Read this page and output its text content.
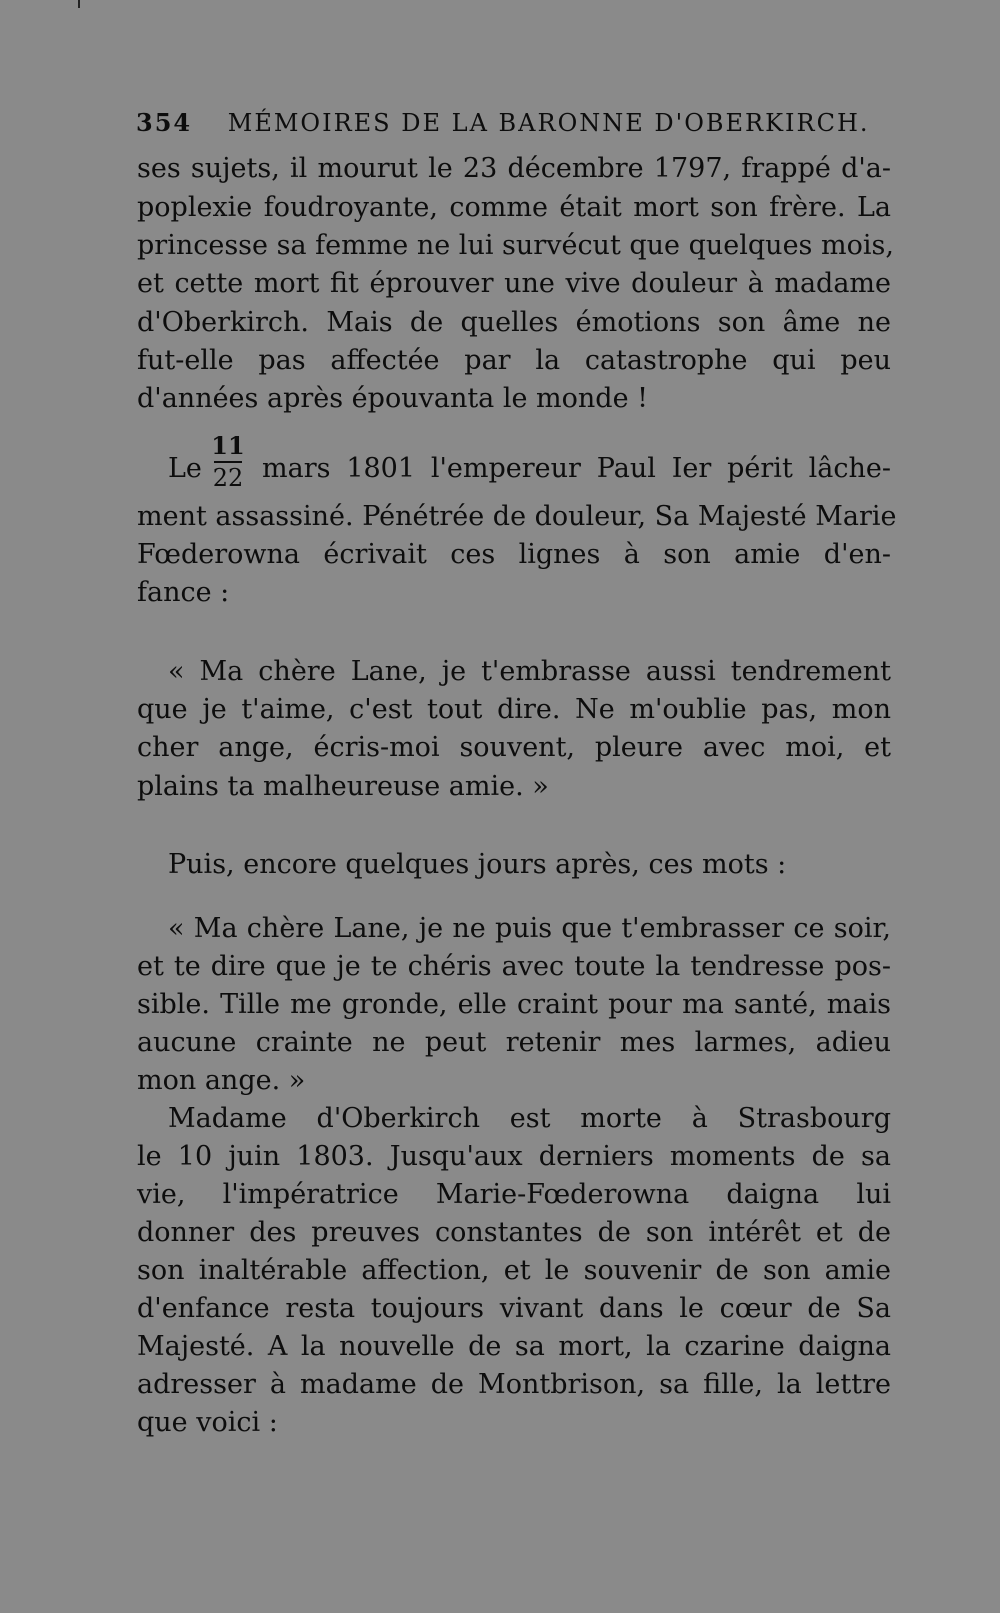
354 MÉMOIRES DE LA BARONNE D'OBERKIRCH.
ses sujets, il mourut le 23 décembre 1797, frappé d'a-
poplexie foudroyante, comme était mort son frère. La
princesse sa femme ne lui survécut que quelques mois,
et cette mort fit éprouver une vive douleur à madame
d'Oberkirch. Mais de quelles émotions son âme ne
fut-elle pas affectée par la catastrophe qui peu
d'années après épouvanta le monde !
Le
11
22 mars 1801 l'empereur Paul Ier périt lâche-
ment assassiné. Pénétrée de douleur, Sa Majesté Marie
Fœderowna écrivait ces lignes à son amie d'en-
fance :
« Ma chère Lane, je t'embrasse aussi tendrement
que je t'aime, c'est tout dire. Ne m'oublie pas, mon
cher ange, écris-moi souvent, pleure avec moi, et
plains ta malheureuse amie. »
Puis, encore quelques jours après, ces mots :
« Ma chère Lane, je ne puis que t'embrasser ce soir,
et te dire que je te chéris avec toute la tendresse pos-
sible. Tille me gronde, elle craint pour ma santé, mais
aucune crainte ne peut retenir mes larmes, adieu
mon ange. »
Madame d'Oberkirch est morte à Strasbourg
le 10 juin 1803. Jusqu'aux derniers moments de sa
vie, l'impératrice Marie-Fœderowna daigna lui
donner des preuves constantes de son intérêt et de
son inaltérable affection, et le souvenir de son amie
d'enfance resta toujours vivant dans le cœur de Sa
Majesté. A la nouvelle de sa mort, la czarine daigna
adresser à madame de Montbrison, sa fille, la lettre
que voici :
